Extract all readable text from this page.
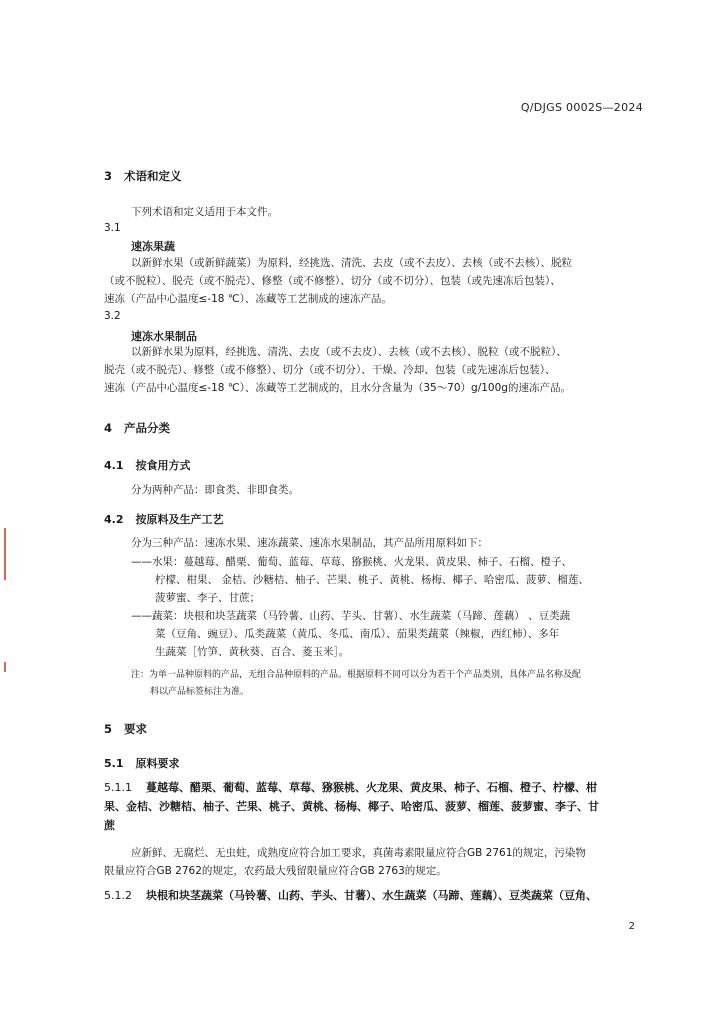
Q/DJGS 0002S—2024
3 术语和定义
下列术语和定义适用于本文件。
3.1
速冻果蔬
以新鲜水果（或新鲜蔬菜）为原料，经挑选、清洗、去皮（或不去皮）、去核（或不去核）、脱粒
（或不脱粒）、脱壳（或不脱壳）、修整（或不修整）、切分（或不切分）、包装（或先速冻后包装）、
速冻（产品中心温度≤-18 ℃）、冻藏等工艺制成的速冻产品。
3.2
速冻水果制品
以新鲜水果为原料，经挑选、清洗、去皮（或不去皮）、去核（或不去核）、脱粒（或不脱粒）、
脱壳（或不脱壳）、修整（或不修整）、切分（或不切分）、干燥、冷却、包装（或先速冻后包装）、
速冻（产品中心温度≤-18 ℃）、冻藏等工艺制成的，且水分含量为（35～70）g/100g的速冻产品。
4 产品分类
4.1 按食用方式
分为两种产品：即食类、非即食类。
4.2 按原料及生产工艺
分为三种产品：速冻水果、速冻蔬菜、速冻水果制品，其产品所用原料如下：
——水果：蔓越莓、醋栗、葡萄、蓝莓、草莓、猕猴桃、火龙果、黄皮果、柿子、石榴、橙子、
柠檬、柑果、 金桔、沙糖桔、柚子、芒果、桃子、黄桃、杨梅、椰子、哈密瓜、菠萝、榴莲、
菠萝蜜、李子、甘蔗；
——蔬菜：块根和块茎蔬菜（马铃薯、山药、芋头、甘薯）、水生蔬菜（马蹄、莲藕） 、豆类蔬
菜（豆角、豌豆）、瓜类蔬菜（黄瓜、冬瓜、南瓜）、茄果类蔬菜（辣椒，西红柿）、多年
生蔬菜［竹笋、黄秋葵、百合、菱玉米］。
注：为单一品种原料的产品，无组合品种原料的产品。根据原料不同可以分为若干个产品类别，具体产品名称及配
料以产品标签标注为准。
5 要求
5.1 原料要求
5.1.1 蔓越莓、醋栗、葡萄、蓝莓、草莓、猕猴桃、火龙果、黄皮果、柿子、石榴、橙子、柠檬、柑
果、金桔、沙糖桔、柚子、芒果、桃子、黄桃、杨梅、椰子、哈密瓜、菠萝、榴莲、菠萝蜜、李子、甘
蔗
应新鲜、无腐烂、无虫蛀，成熟度应符合加工要求，真菌毒素限量应符合GB 2761的规定，污染物
限量应符合GB 2762的规定，农药最大残留限量应符合GB 2763的规定。
5.1.2 块根和块茎蔬菜（马铃薯、山药、芋头、甘薯）、水生蔬菜（马蹄、莲藕）、豆类蔬菜（豆角、
2
